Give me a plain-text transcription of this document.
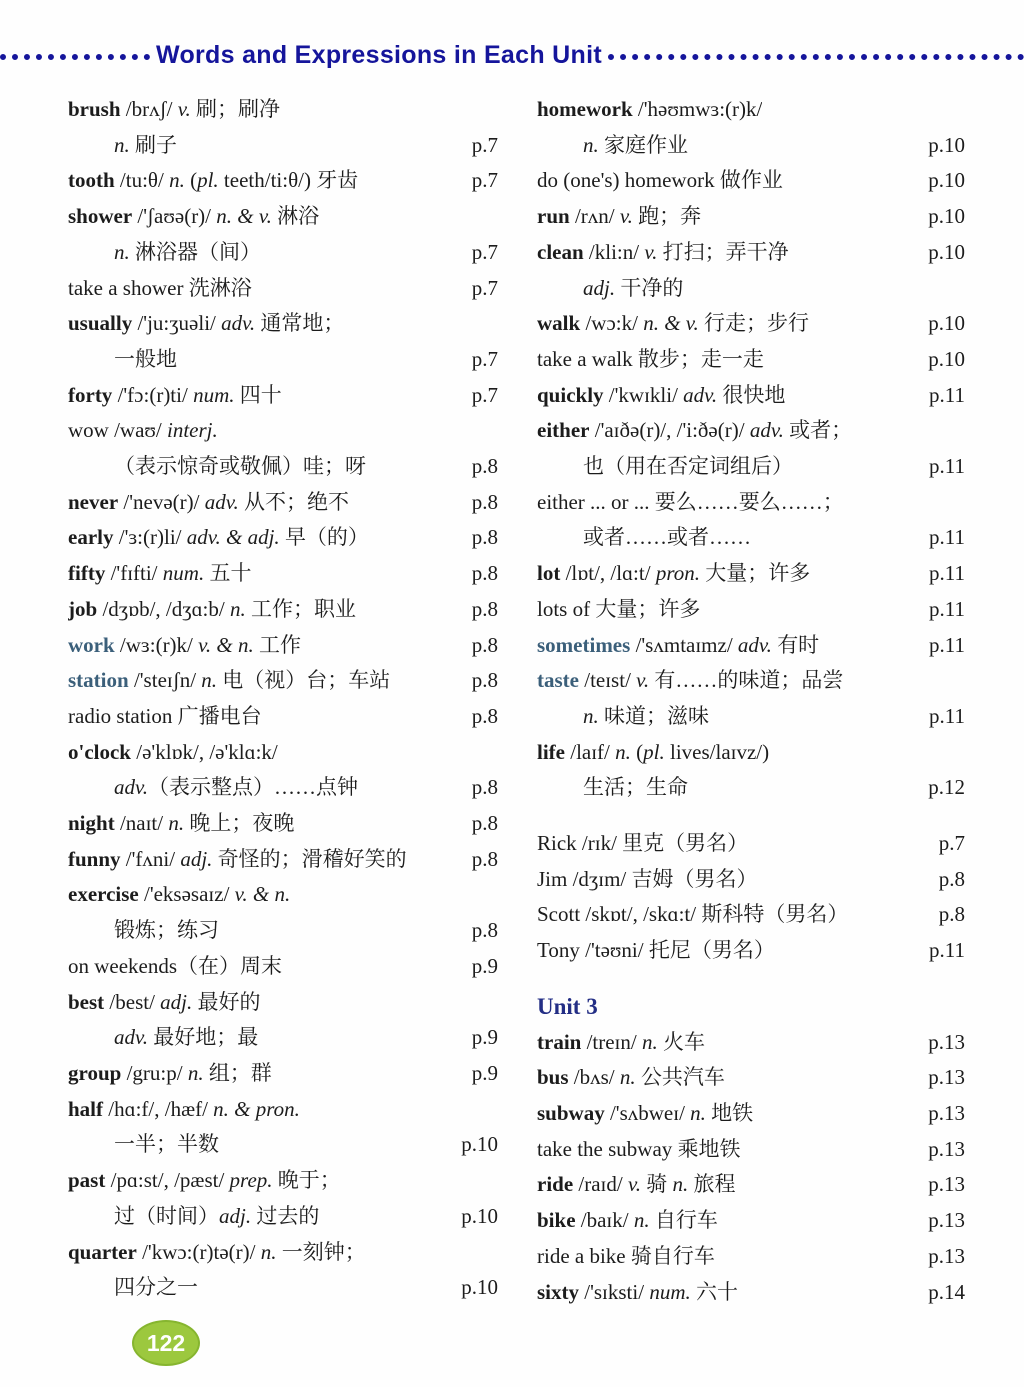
Words and Expressions in Each Unit
brush /brʌʃ/ v. 刷；刷净
n. 刷子	p.7
tooth /tu:θ/ n. (pl. teeth/ti:θ/) 牙齿	p.7
shower /'ʃaʊə(r)/ n. & v. 淋浴
n. 淋浴器（间）	p.7
take a shower 洗淋浴	p.7
usually /'ju:ʒuəli/ adv. 通常地；
一般地	p.7
forty /'fɔ:(r)ti/ num. 四十	p.7
wow /waʊ/ interj.
（表示惊奇或敬佩）哇；呀	p.8
never /'nevə(r)/ adv. 从不；绝不	p.8
early /'ɜ:(r)li/ adv. & adj. 早（的）	p.8
fifty /'fɪfti/ num. 五十	p.8
job /dʒɒb/, /dʒɑ:b/ n. 工作；职业	p.8
work /wɜ:(r)k/ v. & n. 工作	p.8
station /'steɪʃn/ n. 电（视）台；车站	p.8
radio station 广播电台	p.8
o'clock /ə'klɒk/, /ə'klɑ:k/
adv.（表示整点）……点钟	p.8
night /naɪt/ n. 晚上；夜晚	p.8
funny /'fʌni/ adj. 奇怪的；滑稽好笑的	p.8
exercise /'eksəsaɪz/ v. & n.
锻炼；练习	p.8
on weekends（在）周末	p.9
best /best/ adj. 最好的
adv. 最好地；最	p.9
group /gru:p/ n. 组；群	p.9
half /hɑ:f/, /hæf/ n. & pron.
一半；半数	p.10
past /pɑ:st/, /pæst/ prep. 晚于；
过（时间）adj. 过去的	p.10
quarter /'kwɔ:(r)tə(r)/ n. 一刻钟；
四分之一	p.10
homework /'həʊmwɜ:(r)k/
n. 家庭作业	p.10
do (one's) homework 做作业	p.10
run /rʌn/ v. 跑；奔	p.10
clean /kli:n/ v. 打扫；弄干净	p.10
adj. 干净的
walk /wɔ:k/ n. & v. 行走；步行	p.10
take a walk 散步；走一走	p.10
quickly /'kwɪkli/ adv. 很快地	p.11
either /'aɪðə(r)/, /'i:ðə(r)/ adv. 或者；
也（用在否定词组后）	p.11
either ... or ... 要么……要么……；
或者……或者……	p.11
lot /lɒt/, /lɑ:t/ pron. 大量；许多	p.11
lots of 大量；许多	p.11
sometimes /'sʌmtaɪmz/ adv. 有时	p.11
taste /teɪst/ v. 有……的味道；品尝
n. 味道；滋味	p.11
life /laɪf/ n. (pl. lives/laɪvz/)
生活；生命	p.12
Rick /rɪk/ 里克（男名）	p.7
Jim /dʒɪm/ 吉姆（男名）	p.8
Scott /skɒt/, /skɑ:t/ 斯科特（男名）	p.8
Tony /'təʊni/ 托尼（男名）	p.11
Unit 3
train /treɪn/ n. 火车	p.13
bus /bʌs/ n. 公共汽车	p.13
subway /'sʌbweɪ/ n. 地铁	p.13
take the subway 乘地铁	p.13
ride /raɪd/ v. 骑 n. 旅程	p.13
bike /baɪk/ n. 自行车	p.13
ride a bike 骑自行车	p.13
sixty /'sɪksti/ num. 六十	p.14
122
